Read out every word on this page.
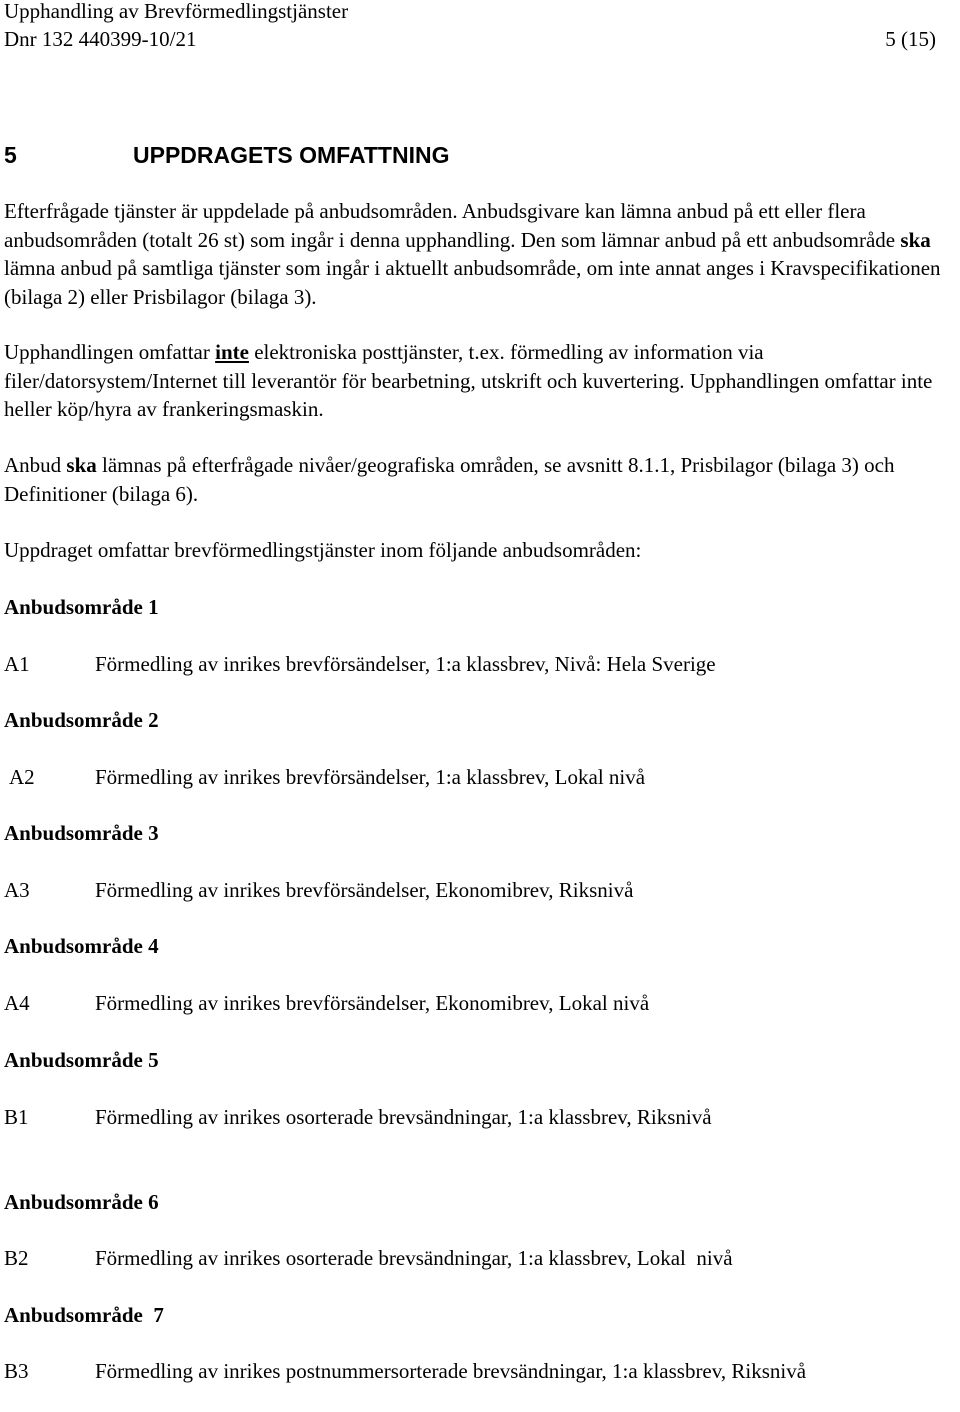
Upphandling av Brevförmedlingstjänster
Dnr 132 440399-10/21	5 (15)
5	UPPDRAGETS OMFATTNING

Efterfrågade tjänster är uppdelade på anbudsområden. Anbudsgivare kan lämna anbud på ett eller flera anbudsområden (totalt 26 st) som ingår i denna upphandling. Den som lämnar anbud på ett anbudsområde ska lämna anbud på samtliga tjänster som ingår i aktuellt anbudsområde, om inte annat anges i Kravspecifikationen (bilaga 2) eller Prisbilagor (bilaga 3).

Upphandlingen omfattar inte elektroniska posttjänster, t.ex. förmedling av information via filer/datorsystem/Internet till leverantör för bearbetning, utskrift och kuvertering. Upphandlingen omfattar inte heller köp/hyra av frankeringsmaskin.

Anbud ska lämnas på efterfrågade nivåer/geografiska områden, se avsnitt 8.1.1, Prisbilagor (bilaga 3) och Definitioner (bilaga 6).

Uppdraget omfattar brevförmedlingstjänster inom följande anbudsområden:

Anbudsområde 1
A1	Förmedling av inrikes brevförsändelser, 1:a klassbrev, Nivå: Hela Sverige
Anbudsområde 2
A2	Förmedling av inrikes brevförsändelser, 1:a klassbrev, Lokal nivå
Anbudsområde 3
A3	Förmedling av inrikes brevförsändelser, Ekonomibrev, Riksnivå
Anbudsområde 4
A4	Förmedling av inrikes brevförsändelser, Ekonomibrev, Lokal nivå
Anbudsområde 5
B1	Förmedling av inrikes osorterade brevsändningar, 1:a klassbrev, Riksnivå
Anbudsområde 6
B2	Förmedling av inrikes osorterade brevsändningar, 1:a klassbrev, Lokal  nivå
Anbudsområde  7
B3	Förmedling av inrikes postnummersorterade brevsändningar, 1:a klassbrev, Riksnivå
